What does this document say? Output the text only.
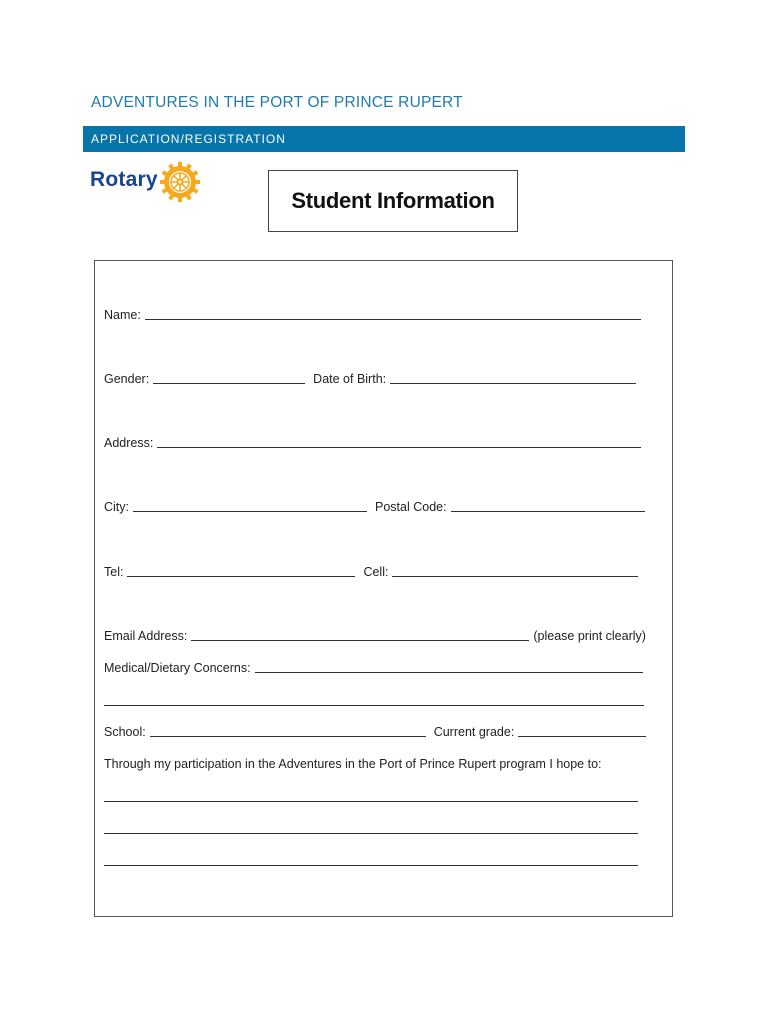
ADVENTURES IN THE PORT OF PRINCE RUPERT
APPLICATION/REGISTRATION
Rotary
Student Information
Name:
Gender:	Date of Birth:
Address:
City:	Postal Code:
Tel:	Cell:
Email Address:	(please print clearly)
Medical/Dietary Concerns:
School:	Current grade:
Through my participation in the Adventures in the Port of Prince Rupert program I hope to:
